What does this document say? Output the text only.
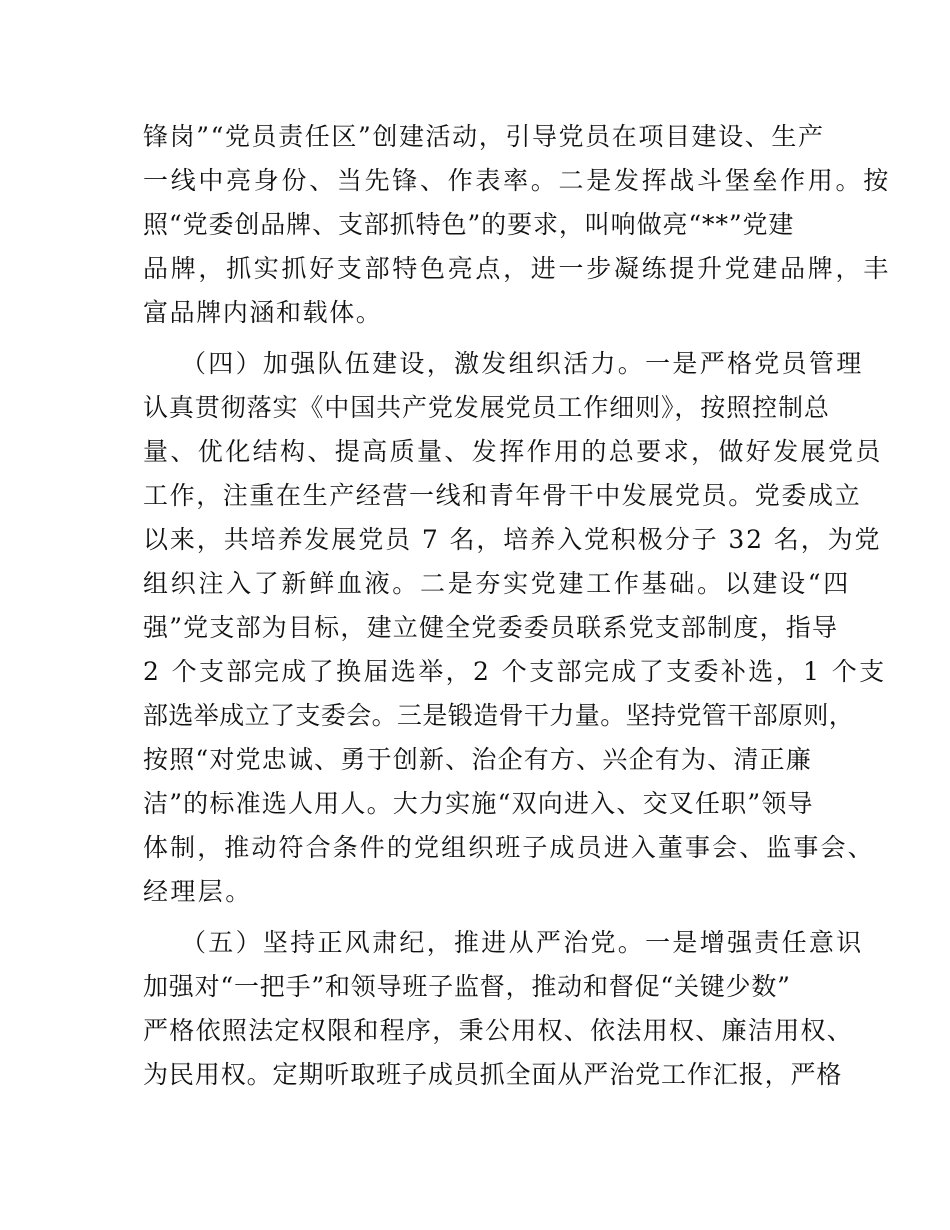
锋岗”“党员责任区”创建活动，引导党员在项目建设、生产
一线中亮身份、当先锋、作表率。二是发挥战斗堡垒作用。按
照“党委创品牌、支部抓特色”的要求，叫响做亮“**”党建
品牌，抓实抓好支部特色亮点，进一步凝练提升党建品牌，丰
富品牌内涵和载体。
（四）加强队伍建设，激发组织活力。一是严格党员管理
认真贯彻落实《中国共产党发展党员工作细则》，按照控制总
量、优化结构、提高质量、发挥作用的总要求，做好发展党员
工作，注重在生产经营一线和青年骨干中发展党员。党委成立
以来，共培养发展党员 7 名，培养入党积极分子 32 名，为党
组织注入了新鲜血液。二是夯实党建工作基础。以建设“四
强”党支部为目标，建立健全党委委员联系党支部制度，指导
2 个支部完成了换届选举，2 个支部完成了支委补选，1 个支
部选举成立了支委会。三是锻造骨干力量。坚持党管干部原则，
按照“对党忠诚、勇于创新、治企有方、兴企有为、清正廉
洁”的标准选人用人。大力实施“双向进入、交叉任职”领导
体制，推动符合条件的党组织班子成员进入董事会、监事会、
经理层。
（五）坚持正风肃纪，推进从严治党。一是增强责任意识
加强对“一把手”和领导班子监督，推动和督促“关键少数”
严格依照法定权限和程序，秉公用权、依法用权、廉洁用权、
为民用权。定期听取班子成员抓全面从严治党工作汇报，严格
